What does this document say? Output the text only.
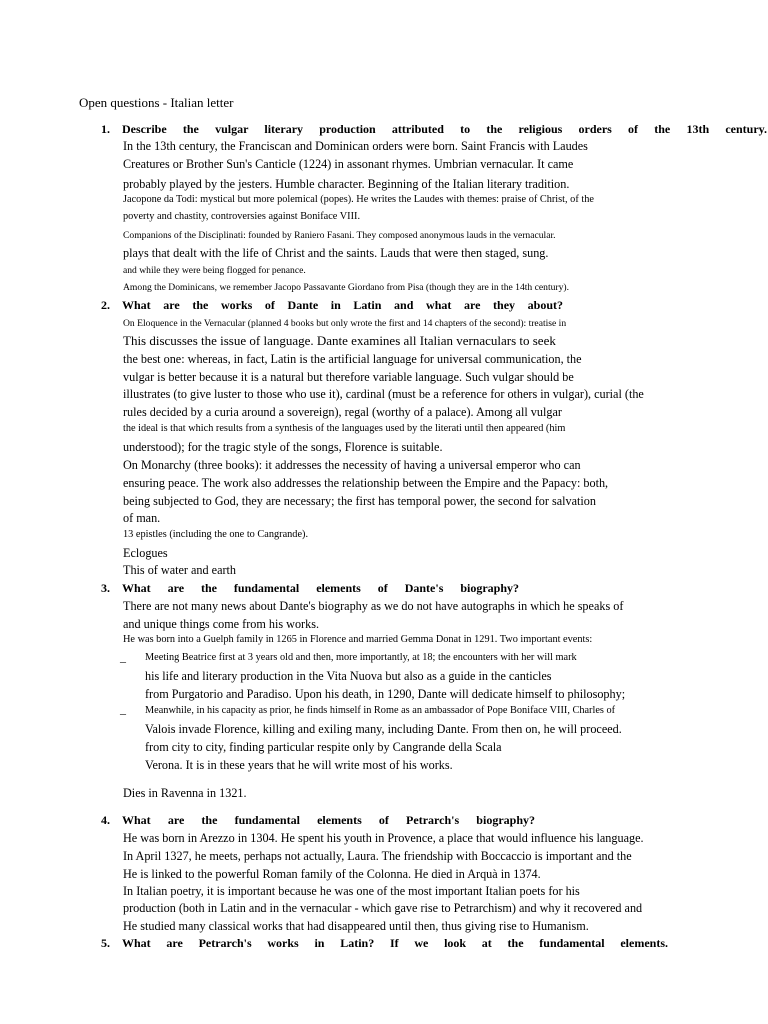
Open questions - Italian letter
1. Describe the vulgar literary production attributed to the religious orders of the 13th century.
In the 13th century, the Franciscan and Dominican orders were born. Saint Francis with Laudes
Creatures or Brother Sun's Canticle (1224) in assonant rhymes. Umbrian vernacular. It came
probably played by the jesters. Humble character. Beginning of the Italian literary tradition.
Jacopone da Todi: mystical but more polemical (popes). He writes the Laudes with themes: praise of Christ, of the
poverty and chastity, controversies against Boniface VIII.
Companions of the Disciplinati: founded by Raniero Fasani. They composed anonymous lauds in the vernacular.
plays that dealt with the life of Christ and the saints. Lauds that were then staged, sung.
and while they were being flogged for penance.
Among the Dominicans, we remember Jacopo Passavante Giordano from Pisa (though they are in the 14th century).
2. What are the works of Dante in Latin and what are they about?
On Eloquence in the Vernacular (planned 4 books but only wrote the first and 14 chapters of the second): treatise in
This discusses the issue of language. Dante examines all Italian vernaculars to seek
the best one: whereas, in fact, Latin is the artificial language for universal communication, the
vulgar is better because it is a natural but therefore variable language. Such vulgar should be
illustrates (to give luster to those who use it), cardinal (must be a reference for others in vulgar), curial (the
rules decided by a curia around a sovereign), regal (worthy of a palace). Among all vulgar
the ideal is that which results from a synthesis of the languages used by the literati until then appeared (him
understood); for the tragic style of the songs, Florence is suitable.
On Monarchy (three books): it addresses the necessity of having a universal emperor who can
ensuring peace. The work also addresses the relationship between the Empire and the Papacy: both,
being subjected to God, they are necessary; the first has temporal power, the second for salvation
of man.
13 epistles (including the one to Cangrande).
Eclogues
This of water and earth
3. What are the fundamental elements of Dante's biography?
There are not many news about Dante's biography as we do not have autographs in which he speaks of
and unique things come from his works.
He was born into a Guelph family in 1265 in Florence and married Gemma Donat in 1291. Two important events:
– Meeting Beatrice first at 3 years old and then, more importantly, at 18; the encounters with her will mark
his life and literary production in the Vita Nuova but also as a guide in the canticles
from Purgatorio and Paradiso. Upon his death, in 1290, Dante will dedicate himself to philosophy;
– Meanwhile, in his capacity as prior, he finds himself in Rome as an ambassador of Pope Boniface VIII, Charles of
Valois invade Florence, killing and exiling many, including Dante. From then on, he will proceed.
from city to city, finding particular respite only by Cangrande della Scala
Verona. It is in these years that he will write most of his works.
Dies in Ravenna in 1321.
4. What are the fundamental elements of Petrarch's biography?
He was born in Arezzo in 1304. He spent his youth in Provence, a place that would influence his language.
In April 1327, he meets, perhaps not actually, Laura. The friendship with Boccaccio is important and the
He is linked to the powerful Roman family of the Colonna. He died in Arquà in 1374.
In Italian poetry, it is important because he was one of the most important Italian poets for his
production (both in Latin and in the vernacular - which gave rise to Petrarchism) and why it recovered and
He studied many classical works that had disappeared until then, thus giving rise to Humanism.
5. What are Petrarch's works in Latin? If we look at the fundamental elements.
